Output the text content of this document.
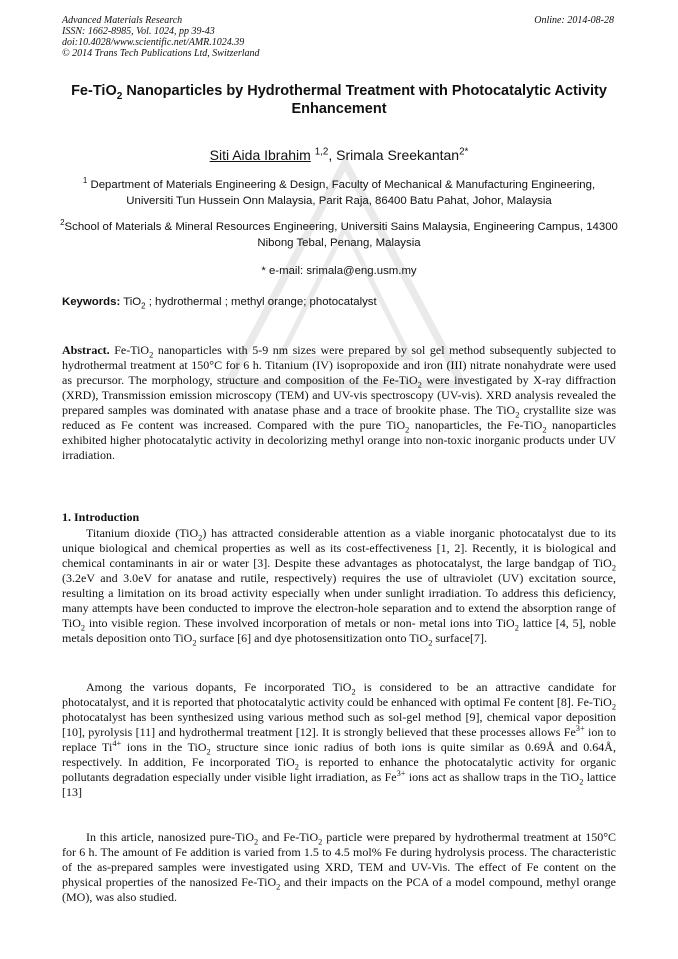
Advanced Materials Research
ISSN: 1662-8985, Vol. 1024, pp 39-43
doi:10.4028/www.scientific.net/AMR.1024.39
© 2014 Trans Tech Publications Ltd, Switzerland
Online: 2014-08-28
Fe-TiO$_2$ Nanoparticles by Hydrothermal Treatment with Photocatalytic Activity Enhancement
Siti Aida Ibrahim $^{1,2}$, Srimala Sreekantan$^{2*}$
$^1$ Department of Materials Engineering & Design, Faculty of Mechanical & Manufacturing Engineering, Universiti Tun Hussein Onn Malaysia, Parit Raja, 86400 Batu Pahat, Johor, Malaysia
$^2$School of Materials & Mineral Resources Engineering, Universiti Sains Malaysia, Engineering Campus, 14300 Nibong Tebal, Penang, Malaysia
* e-mail: srimala@eng.usm.my
Keywords: TiO$_2$ ; hydrothermal ; methyl orange; photocatalyst
Abstract. Fe-TiO$_2$ nanoparticles with 5-9 nm sizes were prepared by sol gel method subsequently subjected to hydrothermal treatment at 150°C for 6 h. Titanium (IV) isopropoxide and iron (III) nitrate nonahydrate were used as precursor. The morphology, structure and composition of the Fe-TiO$_2$ were investigated by X-ray diffraction (XRD), Transmission emission microscopy (TEM) and UV-vis spectroscopy (UV-vis). XRD analysis revealed the prepared samples was dominated with anatase phase and a trace of brookite phase. The TiO$_2$ crystallite size was reduced as Fe content was increased. Compared with the pure TiO$_2$ nanoparticles, the Fe-TiO$_2$ nanoparticles exhibited higher photocatalytic activity in decolorizing methyl orange into non-toxic inorganic products under UV irradiation.
1. Introduction
Titanium dioxide (TiO$_2$) has attracted considerable attention as a viable inorganic photocatalyst due to its unique biological and chemical properties as well as its cost-effectiveness [1, 2]. Recently, it is biological and chemical contaminants in air or water [3]. Despite these advantages as photocatalyst, the large bandgap of TiO$_2$ (3.2eV and 3.0eV for anatase and rutile, respectively) requires the use of ultraviolet (UV) excitation source, resulting a limitation on its broad activity especially when under sunlight irradiation. To address this deficiency, many attempts have been conducted to improve the electron-hole separation and to extend the absorption range of TiO$_2$ into visible region. These involved incorporation of metals or non- metal ions into TiO$_2$ lattice [4, 5], noble metals deposition onto TiO$_2$ surface [6] and dye photosensitization onto TiO$_2$ surface[7].
Among the various dopants, Fe incorporated TiO$_2$ is considered to be an attractive candidate for photocatalyst, and it is reported that photocatalytic activity could be enhanced with optimal Fe content [8]. Fe-TiO$_2$ photocatalyst has been synthesized using various method such as sol-gel method [9], chemical vapor deposition [10], pyrolysis [11] and hydrothermal treatment [12]. It is strongly believed that these processes allows $Fe^{3+}$ ion to replace $Ti^{4+}$ ions in the TiO$_2$ structure since ionic radius of both ions is quite similar as 0.69Å and 0.64Å, respectively. In addition, Fe incorporated TiO$_2$ is reported to enhance the photocatalytic activity for organic pollutants degradation especially under visible light irradiation, as $Fe^{3+}$ ions act as shallow traps in the TiO$_2$ lattice [13]
In this article, nanosized pure-TiO$_2$ and Fe-TiO$_2$ particle were prepared by hydrothermal treatment at 150°C for 6 h. The amount of Fe addition is varied from 1.5 to 4.5 mol% Fe during hydrolysis process. The characteristic of the as-prepared samples were investigated using XRD, TEM and UV-Vis. The effect of Fe content on the physical properties of the nanosized Fe-TiO$_2$ and their impacts on the PCA of a model compound, methyl orange (MO), was also studied.
